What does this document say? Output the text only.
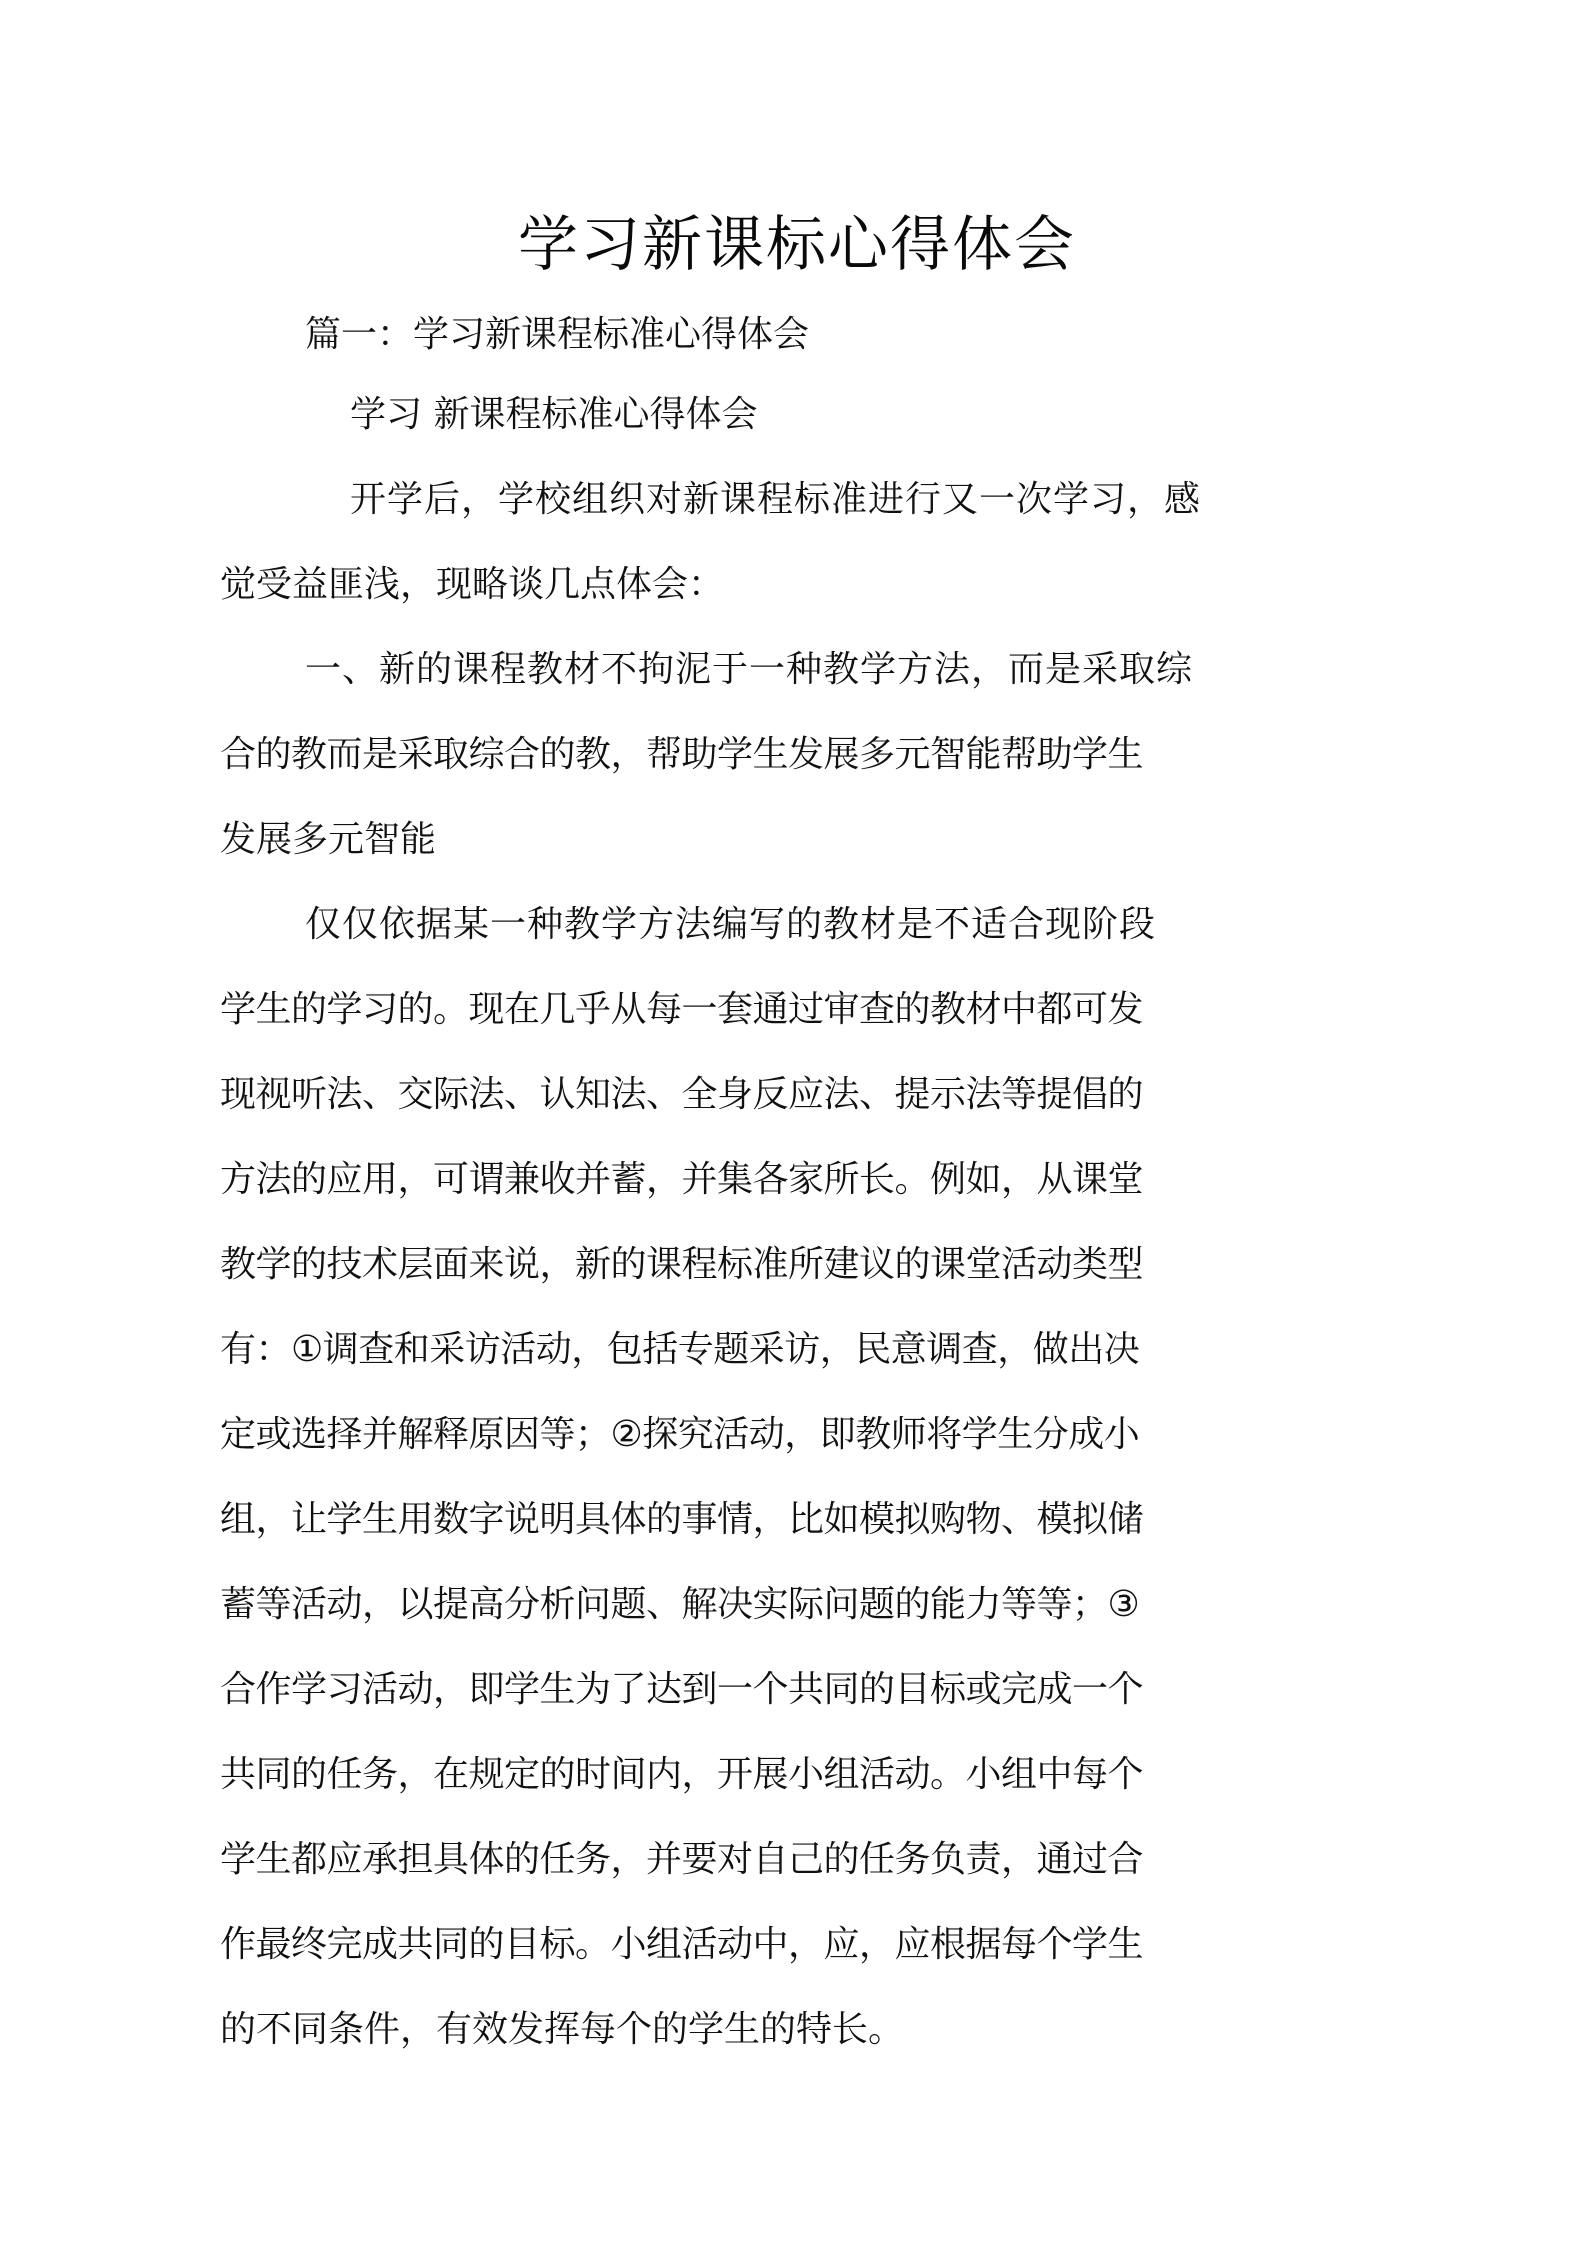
学习新课标心得体会
篇一：学习新课程标准心得体会
学习 新课程标准心得体会
开学后，学校组织对新课程标准进行又一次学习，感
觉受益匪浅，现略谈几点体会：
一、新的课程教材不拘泥于一种教学方法，而是采取综
合的教而是采取综合的教，帮助学生发展多元智能帮助学生
发展多元智能
仅仅依据某一种教学方法编写的教材是不适合现阶段
学生的学习的。现在几乎从每一套通过审查的教材中都可发
现视听法、交际法、认知法、全身反应法、提示法等提倡的
方法的应用，可谓兼收并蓄，并集各家所长。例如，从课堂
教学的技术层面来说，新的课程标准所建议的课堂活动类型
有：①调查和采访活动，包括专题采访，民意调查，做出决
定或选择并解释原因等；②探究活动，即教师将学生分成小
组，让学生用数字说明具体的事情，比如模拟购物、模拟储
蓄等活动，以提高分析问题、解决实际问题的能力等等；③
合作学习活动，即学生为了达到一个共同的目标或完成一个
共同的任务，在规定的时间内，开展小组活动。小组中每个
学生都应承担具体的任务，并要对自己的任务负责，通过合
作最终完成共同的目标。小组活动中，应，应根据每个学生
的不同条件，有效发挥每个的学生的特长。
